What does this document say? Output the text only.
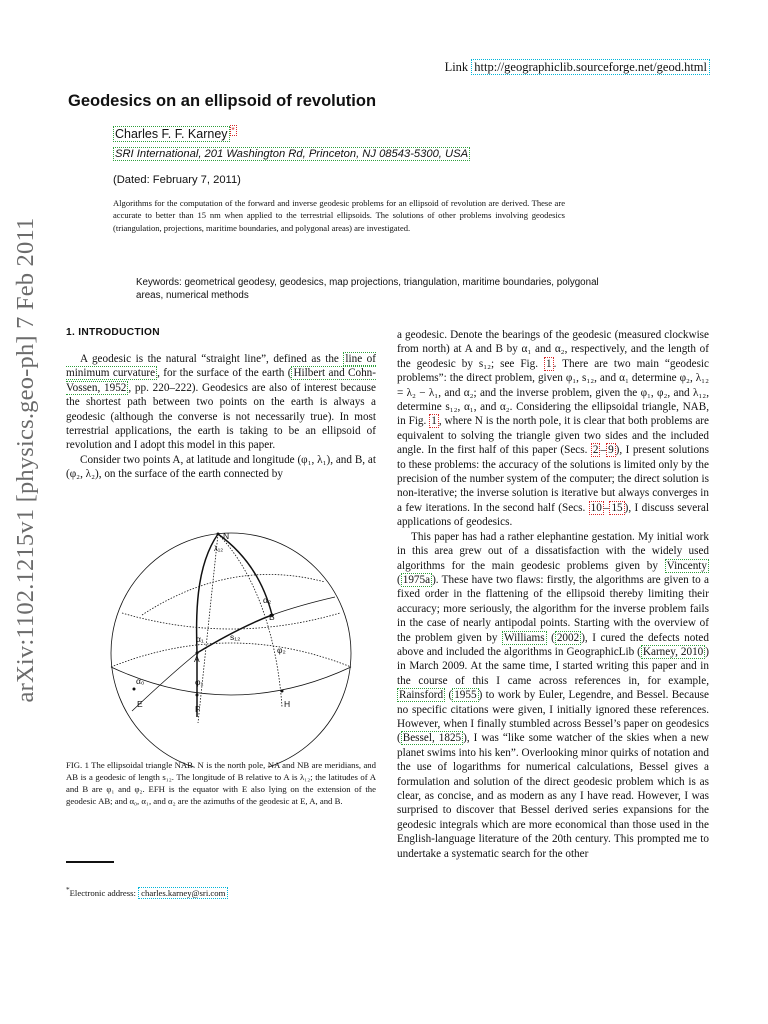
arXiv:1102.1215v1 [physics.geo-ph] 7 Feb 2011
Link http://geographiclib.sourceforge.net/geod.html
Geodesics on an ellipsoid of revolution
Charles F. F. Karney *
SRI International, 201 Washington Rd, Princeton, NJ 08543-5300, USA
(Dated: February 7, 2011)
Algorithms for the computation of the forward and inverse geodesic problems for an ellipsoid of revolution are derived. These are accurate to better than 15 nm when applied to the terrestrial ellipsoids. The solutions of other problems involving geodesics (triangulation, projections, maritime boundaries, and polygonal areas) are investigated.
Keywords: geometrical geodesy, geodesics, map projections, triangulation, maritime boundaries, polygonal areas, numerical methods
1. INTRODUCTION

A geodesic is the natural “straight line”, defined as the line of minimum curvature , for the surface of the earth ( Hilbert and Cohn-Vossen, 1952 , pp. 220–222). Geodesics are also of interest because the shortest path between two points on the earth is always a geodesic (although the converse is not necessarily true). In most terrestrial applications, the earth is taking to be an ellipsoid of revolution and I adopt this model in this paper.

Consider two points A, at latitude and longitude (φ₁, λ₁), and B, at (φ₂, λ₂), on the surface of the earth connected by

N
λ₁₂
α₂
B
α₁	s₁₂
φ₂
A
α₀	φ₁
E	F	H
FIG. 1 The ellipsoidal triangle NAB. N is the north pole, NA and NB are meridians, and AB is a geodesic of length s₁₂. The longitude of B relative to A is λ₁₂; the latitudes of A and B are φ₁ and φ₂. EFH is the equator with E also lying on the extension of the geodesic AB; and α₀, α₁, and α₂ are the azimuths of the geodesic at E, A, and B.
*Electronic address: charles.karney@sri.com

a geodesic. Denote the bearings of the geodesic (measured clockwise from north) at A and B by α₁ and α₂, respectively, and the length of the geodesic by s₁₂; see Fig. 1 . There are two main “geodesic problems”: the direct problem, given φ₁, s₁₂, and α₁ determine φ₂, λ₁₂ = λ₂ − λ₁, and α₂; and the inverse problem, given the φ₁, φ₂, and λ₁₂, determine s₁₂, α₁, and α₂. Considering the ellipsoidal triangle, NAB, in Fig. 1 , where N is the north pole, it is clear that both problems are equivalent to solving the triangle given two sides and the included angle. In the first half of this paper (Secs. 2 – 9 ), I present solutions to these problems: the accuracy of the solutions is limited only by the precision of the number system of the computer; the direct solution is non-iterative; the inverse solution is iterative but always converges in a few iterations. In the second half (Secs. 10 – 15 ), I discuss several applications of geodesics.

This paper has had a rather elephantine gestation. My initial work in this area grew out of a dissatisfaction with the widely used algorithms for the main geodesic problems given by Vincenty ( 1975a ). These have two flaws: firstly, the algorithms are given to a fixed order in the flattening of the ellipsoid thereby limiting their accuracy; more seriously, the algorithm for the inverse problem fails in the case of nearly antipodal points. Starting with the overview of the problem given by Williams ( 2002 ), I cured the defects noted above and included the algorithms in GeographicLib ( Karney, 2010 ) in March 2009. At the same time, I started writing this paper and in the course of this I came across references in, for example, Rainsford ( 1955 ) to work by Euler, Legendre, and Bessel. Because no specific citations were given, I initially ignored these references. However, when I finally stumbled across Bessel’s paper on geodesics ( Bessel, 1825 ), I was “like some watcher of the skies when a new planet swims into his ken”. Overlooking minor quirks of notation and the use of logarithms for numerical calculations, Bessel gives a formulation and solution of the direct geodesic problem which is as clear, as concise, and as modern as any I have read. However, I was surprised to discover that Bessel derived series expansions for the geodesic integrals which are more economical than those used in the English-language literature of the 20th century. This prompted me to undertake a systematic search for the other
